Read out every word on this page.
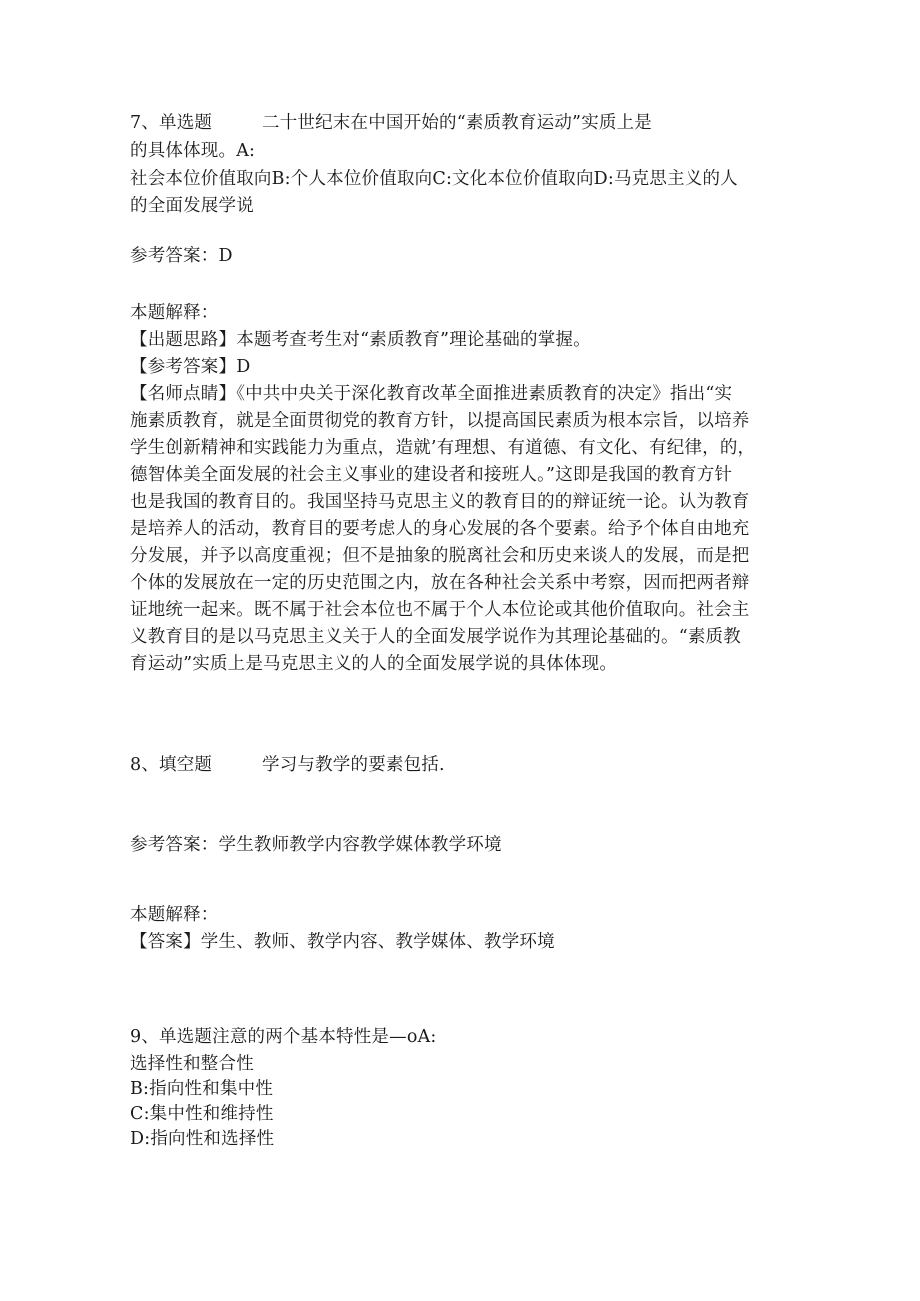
7、单选题	二十世纪末在中国开始的“素质教育运动”实质上是
的具体体现。A:
社会本位价值取向B:个人本位价值取向C:文化本位价值取向D:马克思主义的人
的全面发展学说
参考答案：D
本题解释：
【出题思路】本题考查考生对“素质教育”理论基础的掌握。
【参考答案】D
【名师点睛】《中共中央关于深化教育改革全面推进素质教育的决定》指出“实
施素质教育，就是全面贯彻党的教育方针，以提高国民素质为根本宗旨，以培养
学生创新精神和实践能力为重点，造就’有理想、有道德、有文化、有纪律，的，
德智体美全面发展的社会主义事业的建设者和接班人。”这即是我国的教育方针
也是我国的教育目的。我国坚持马克思主义的教育目的的辩证统一论。认为教育
是培养人的活动，教育目的要考虑人的身心发展的各个要素。给予个体自由地充
分发展，并予以高度重视；但不是抽象的脱离社会和历史来谈人的发展，而是把
个体的发展放在一定的历史范围之内，放在各种社会关系中考察，因而把两者辩
证地统一起来。既不属于社会本位也不属于个人本位论或其他价值取向。社会主
义教育目的是以马克思主义关于人的全面发展学说作为其理论基础的。“素质教
育运动”实质上是马克思主义的人的全面发展学说的具体体现。
8、填空题	学习与教学的要素包括.
参考答案：学生教师教学内容教学媒体教学环境
本题解释：
【答案】学生、教师、教学内容、教学媒体、教学环境
9、单选题注意的两个基本特性是—oA:
选择性和整合性
B:指向性和集中性
C:集中性和维持性
D:指向性和选择性
